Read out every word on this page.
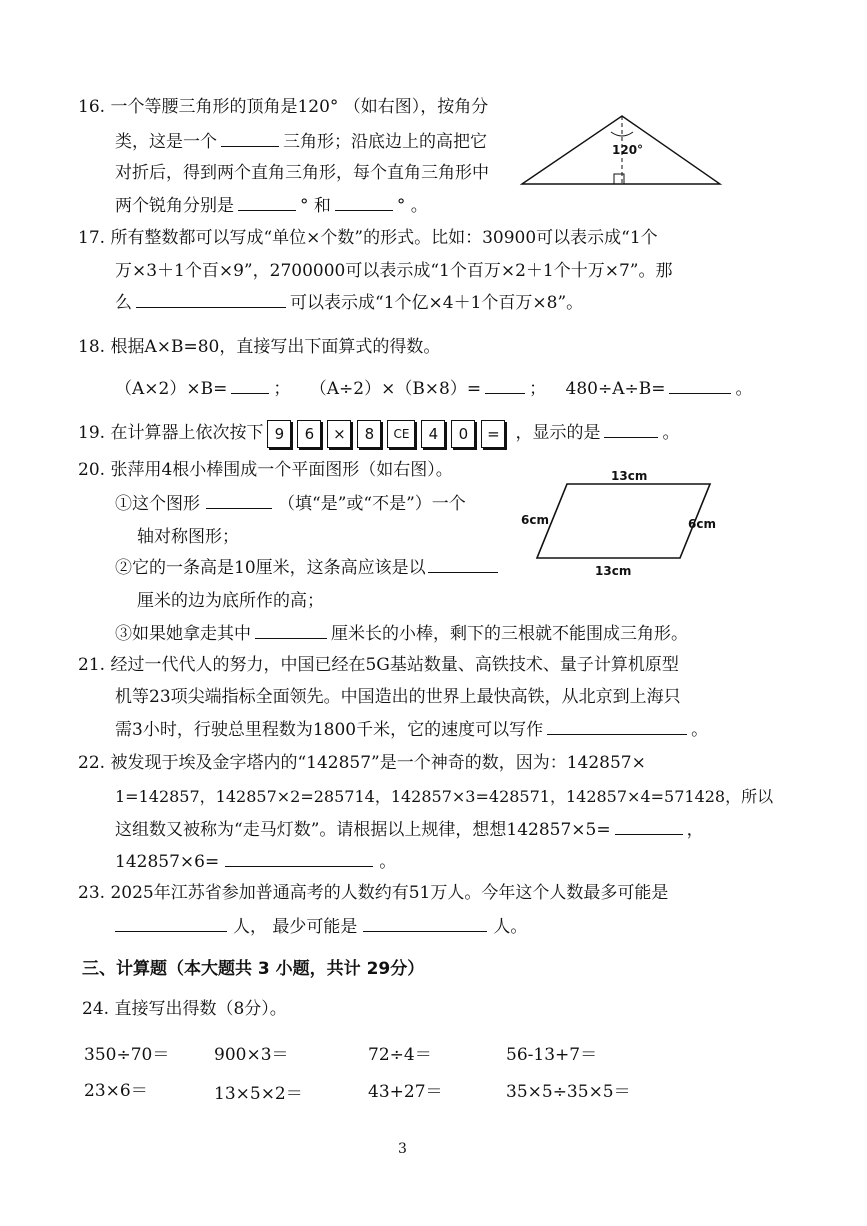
16. 一个等腰三角形的顶角是120° （如右图），按角分
类，这是一个	三角形；沿底边上的高把它
对折后，得到两个直角三角形，每个直角三角形中
两个锐角分别是	° 和	° 。
120°
17. 所有整数都可以写成“单位×个数”的形式。比如：30900可以表示成“1个
万×3＋1个百×9”，2700000可以表示成“1个百万×2＋1个十万×7”。那
么	可以表示成“1个亿×4＋1个百万×8”。
18. 根据A×B=80，直接写出下面算式的得数。
（A×2）×B=	； （A÷2）×（B×8）=	； 480÷A÷B=	。
19. 在计算器上依次按下 9 6 × 8 CE 4 0 = ，显示的是	。
20. 张萍用4根小棒围成一个平面图形（如右图）。
①这个图形	（填“是”或“不是”）一个
轴对称图形；
②它的一条高是10厘米，这条高应该是以
厘米的边为底所作的高；
③如果她拿走其中	厘米长的小棒，剩下的三根就不能围成三角形。
13cm
13cm
6cm	6cm
21. 经过一代代人的努力，中国已经在5G基站数量、高铁技术、量子计算机原型
机等23项尖端指标全面领先。中国造出的世界上最快高铁，从北京到上海只
需3小时，行驶总里程数为1800千米，它的速度可以写作	。
22. 被发现于埃及金字塔内的“142857”是一个神奇的数，因为：142857×
1=142857，142857×2=285714，142857×3=428571，142857×4=571428，所以
这组数又被称为“走马灯数”。请根据以上规律，想想142857×5=	，
142857×6=	。
23. 2025年江苏省参加普通高考的人数约有51万人。今年这个人数最多可能是
人， 最少可能是	人。
三、计算题（本大题共 3 小题，共计 29分）
24. 直接写出得数（8分）。
350÷70＝	900×3＝	72÷4＝	56-13+7＝
23×6＝	13×5×2＝	43+27＝	35×5÷35×5＝
3
